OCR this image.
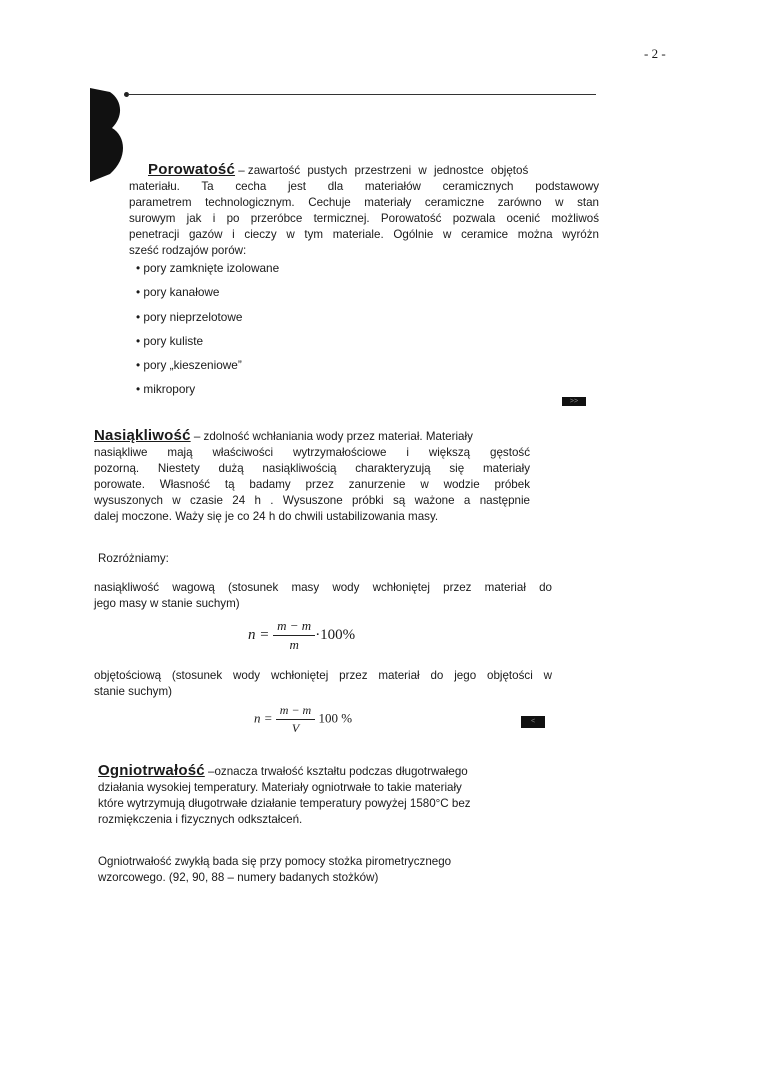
- 2 -
Porowatość – zawartość pustych przestrzeni w jednostce objętoś
materiału. Ta cecha jest dla materiałów ceramicznych podstawowy
parametrem technologicznym. Cechuje materiały ceramiczne zarówno w stan
surowym jak i po przeróbce termicznej. Porowatość pozwala ocenić możliwoś
penetracji gazów i cieczy w tym materiale. Ogólnie w ceramice można wyróżn
sześć rodzajów porów:
• pory zamknięte izolowane
• pory kanałowe
• pory nieprzelotowe
• pory kuliste
• pory „kieszeniowe”
• mikropory
>>
Nasiąkliwość – zdolność wchłaniania wody przez materiał. Materiały
nasiąkliwe mają właściwości wytrzymałościowe i większą gęstość
pozorną. Niestety dużą nasiąkliwością charakteryzują się materiały
porowate. Własność tą badamy przez zanurzenie w wodzie próbek
wysuszonych w czasie 24 h . Wysuszone próbki są ważone a następnie
dalej moczone. Waży się je co 24 h do chwili ustabilizowania masy.
Rozróżniamy:
nasiąkliwość wagową (stosunek masy wody wchłoniętej przez materiał do
jego masy w stanie suchym)
$n = \frac{m - m}{m} \cdot 100\%$
objętościową (stosunek wody wchłoniętej przez materiał do jego objętości w
stanie suchym)
$n = \frac{m - m}{V} 100$ %	<
Ogniotrwałość –oznacza trwałość kształtu podczas długotrwałego
działania wysokiej temperatury. Materiały ogniotrwałe to takie materiały
które wytrzymują długotrwałe działanie temperatury powyżej 1580°C bez
rozmiękczenia i fizycznych odkształceń.
Ogniotrwałość zwykłą bada się przy pomocy stożka pirometrycznego
wzorcowego. (92, 90, 88 – numery badanych stożków)
